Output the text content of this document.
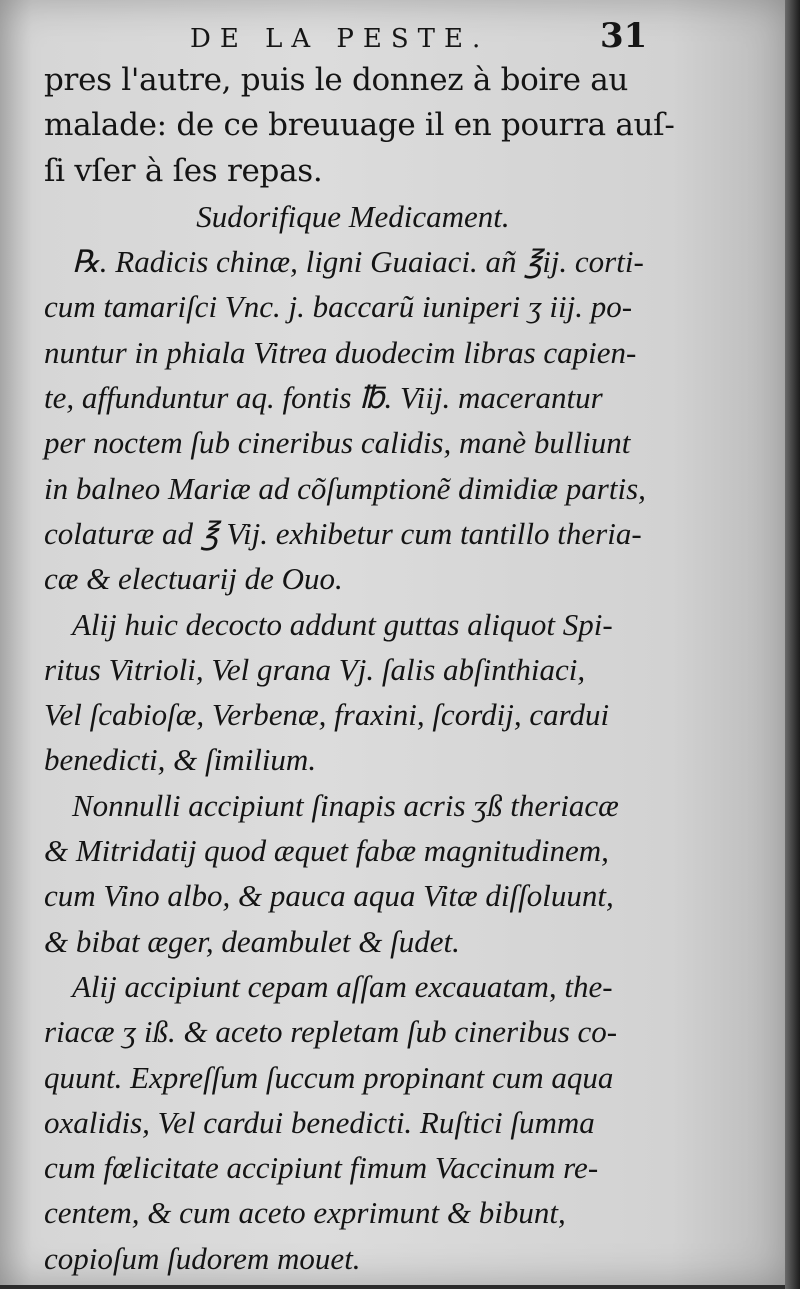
DE LA PESTE.	31
pres l'autre, puis le donnez à boire au
malade: de ce breuuage il en pourra auſ-
ſi vſer à ſes repas.
Sudorifique Medicament.
℞. Radicis chinæ, ligni Guaiaci. añ ℥ij. corti-
cum tamariſci Vnc. j. baccarũ iuniperi ʒ iij. po-
nuntur in phiala Vitrea duodecim libras capien-
te, affunduntur aq. fontis ℔. Viij. macerantur
per noctem ſub cineribus calidis, manè bulliunt
in balneo Mariæ ad cõſumptionẽ dimidiæ partis,
colaturæ ad ℥ Vij. exhibetur cum tantillo theria-
cæ & electuarij de Ouo.
Alij huic decocto addunt guttas aliquot Spi-
ritus Vitrioli, Vel grana Vj. ſalis abſinthiaci,
Vel ſcabioſæ, Verbenæ, fraxini, ſcordij, cardui
benedicti, & ſimilium.
Nonnulli accipiunt ſinapis acris ʒß theriacæ
& Mitridatij quod æquet fabæ magnitudinem,
cum Vino albo, & pauca aqua Vitæ diſſoluunt,
& bibat æger, deambulet & ſudet.
Alij accipiunt cepam aſſam excauatam, the-
riacæ ʒ iß. & aceto repletam ſub cineribus co-
quunt. Expreſſum ſuccum propinant cum aqua
oxalidis, Vel cardui benedicti. Ruſtici ſumma
cum fœlicitate accipiunt fimum Vaccinum re-
centem, & cum aceto exprimunt & bibunt,
copioſum ſudorem mouet.
